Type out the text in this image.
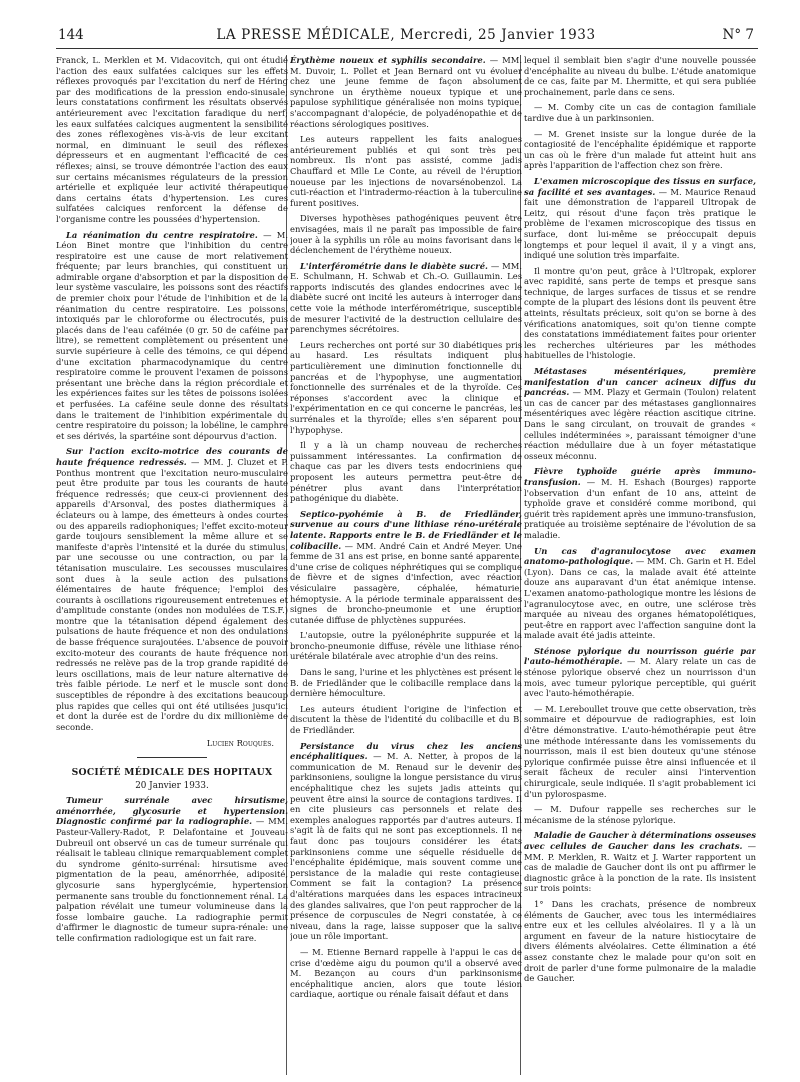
144	LA PRESSE MÉDICALE, Mercredi, 25 Janvier 1933	N° 7

Franck, L. Merklen et M. Vidacovitch, qui ont étudié l'action des eaux sulfatées calciques sur les effets réflexes provoqués par l'excitation du nerf de Héring par des modifications de la pression endo-sinusale; leurs constatations confirment les résultats observés antérieurement avec l'excitation faradique du nerf; les eaux sulfatées calciques augmentent la sensibilité des zones réflexogènes vis-à-vis de leur excitant normal, en diminuant le seuil des réflexes dépresseurs et en augmentant l'efficacité de ces réflexes; ainsi, se trouve démontrée l'action des eaux sur certains mécanismes régulateurs de la pression artérielle et expliquée leur activité thérapeutique dans certains états d'hypertension. Les cures sulfatées calciques renforcent la défense de l'organisme contre les poussées d'hypertension.

La réanimation du centre respiratoire. — M. Léon Binet montre que l'inhibition du centre respiratoire est une cause de mort relativement fréquente; par leurs branchies, qui constituent un admirable organe d'absorption et par la disposition de leur système vasculaire, les poissons sont des réactifs de premier choix pour l'étude de l'inhibition et de la réanimation du centre respiratoire. Les poissons, intoxiqués par le chloroforme ou électrocutés, puis placés dans de l'eau caféinée (0 gr. 50 de caféine par litre), se remettent complètement ou présentent une survie supérieure à celle des témoins, ce qui dépend d'une excitation pharmacodynamique du centre respiratoire comme le prouvent l'examen de poissons présentant une brèche dans la région précordiale et les expériences faites sur les têtes de poissons isolées et perfusées. La caféine seule donne des résultats dans le traitement de l'inhibition expérimentale du centre respiratoire du poisson; la lobéline, le camphre et ses dérivés, la spartéine sont dépourvus d'action.

Sur l'action excito-motrice des courants de haute fréquence redressés. — MM. J. Cluzet et P. Ponthus montrent que l'excitation neuro-musculaire peut être produite par tous les courants de haute fréquence redressés; que ceux-ci proviennent des appareils d'Arsonval, des postes diathermiques à éclateurs ou à lampe, des émetteurs à ondes courtes ou des appareils radiophoniques; l'effet excito-moteur garde toujours sensiblement la même allure et se manifeste d'après l'intensité et la durée du stimulus, par une secousse ou une contraction, ou par la tétanisation musculaire. Les secousses musculaires sont dues à la seule action des pulsations élémentaires de haute fréquence; l'emploi des courants à oscillations rigoureusement entretenues et d'amplitude constante (ondes non modulées de T.S.F.) montre que la tétanisation dépend également des pulsations de haute fréquence et non des ondulations de basse fréquence surajoutées. L'absence de pouvoir excito-moteur des courants de haute fréquence non redressés ne relève pas de la trop grande rapidité de leurs oscillations, mais de leur nature alternative de très faible période. Le nerf et le muscle sont donc susceptibles de répondre à des excitations beaucoup plus rapides que celles qui ont été utilisées jusqu'ici et dont la durée est de l'ordre du dix millionième de seconde.

Lucien Rouquès.
SOCIÉTÉ MÉDICALE DES HOPITAUX
20 Janvier 1933.

Tumeur surrénale avec hirsutisme, aménorrhée, glycosurie et hypertension. Diagnostic confirmé par la radiographie. — MM. Pasteur-Vallery-Radot, P. Delafontaine et Jouveau-Dubreuil ont observé un cas de tumeur surrénale qui réalisait le tableau clinique remarquablement complet du syndrome génito-surrénal: hirsutisme avec pigmentation de la peau, aménorrhée, adiposité, glycosurie sans hyperglycémie, hypertension permanente sans trouble du fonctionnement rénal. La palpation révélait une tumeur volumineuse dans la fosse lombaire gauche. La radiographie permit d'affirmer le diagnostic de tumeur supra-rénale: une telle confirmation radiologique est un fait rare.

Érythème noueux et syphilis secondaire. — MM. M. Duvoir, L. Pollet et Jean Bernard ont vu évoluer chez une jeune femme de façon absolument synchrone un érythème noueux typique et une papulose syphilitique généralisée non moins typique, s'accompagnant d'alopécie, de polyadénopathie et de réactions sérologiques positives.

Les auteurs rappellent les faits analogues antérieurement publiés et qui sont très peu nombreux. Ils n'ont pas assisté, comme jadis Chauffard et Mlle Le Conte, au réveil de l'éruption noueuse par les injections de novarsénobenzol. La cuti-réaction et l'intradermo-réaction à la tuberculine furent positives.

Diverses hypothèses pathogéniques peuvent être envisagées, mais il ne paraît pas impossible de faire jouer à la syphilis un rôle au moins favorisant dans le déclenchement de l'érythème noueux.

L'interférométrie dans le diabète sucré. — MM. E. Schulmann, H. Schwab et Ch.-O. Guillaumin. Les rapports indiscutés des glandes endocrines avec le diabète sucré ont incité les auteurs à interroger dans cette voie la méthode interférométrique, susceptible de mesurer l'activité de la destruction cellulaire des parenchymes sécrétoires.

Leurs recherches ont porté sur 30 diabétiques pris au hasard. Les résultats indiquent plus particulièrement une diminution fonctionnelle du pancréas et de l'hypophyse, une augmentation fonctionnelle des surrénales et de la thyroïde. Ces réponses s'accordent avec la clinique et l'expérimentation en ce qui concerne le pancréas, les surrénales et la thyroïde; elles s'en séparent pour l'hypophyse.

Il y a là un champ nouveau de recherches puissamment intéressantes. La confirmation de chaque cas par les divers tests endocriniens que proposent les auteurs permettra peut-être de pénétrer plus avant dans l'interprétation pathogénique du diabète.

Septico-pyohémie à B. de Friedländer, survenue au cours d'une lithiase réno-urétérale latente. Rapports entre le B. de Friedländer et le colibacille. — MM. André Cain et André Meyer. Une femme de 31 ans est prise, en bonne santé apparente, d'une crise de coliques néphrétiques qui se complique de fièvre et de signes d'infection, avec réaction vésiculaire passagère, céphalée, hématurie, hémoptysie. A la période terminale apparaissent des signes de broncho-pneumonie et une éruption cutanée diffuse de phlyctènes suppurées.

L'autopsie, outre la pyélonéphrite suppurée et la broncho-pneumonie diffuse, révèle une lithiase réno-urétérale bilatérale avec atrophie d'un des reins.

Dans le sang, l'urine et les phlyctènes est présent le B. de Friedländer que le colibacille remplace dans la dernière hémoculture.

Les auteurs étudient l'origine de l'infection et discutent la thèse de l'identité du colibacille et du B. de Friedländer.

Persistance du virus chez les anciens encéphalitiques. — M. A. Netter, à propos de la communication de M. Renaud sur le devenir des parkinsoniens, souligne la longue persistance du virus encéphalitique chez les sujets jadis atteints qui peuvent être ainsi la source de contagions tardives. Il en cite plusieurs cas personnels et relate des exemples analogues rapportés par d'autres auteurs. Il s'agit là de faits qui ne sont pas exceptionnels. Il ne faut donc pas toujours considérer les états parkinsoniens comme une séquelle résiduelle de l'encéphalite épidémique, mais souvent comme une persistance de la maladie qui reste contagieuse. Comment se fait la contagion? La présence d'altérations marquées dans les espaces intracineux des glandes salivaires, que l'on peut rapprocher de la présence de corpuscules de Negri constatée, à ce niveau, dans la rage, laisse supposer que la salive joue un rôle important.

— M. Etienne Bernard rappelle à l'appui le cas de crise d'œdème aigu du poumon qu'il a observé avec M. Bezançon au cours d'un parkinsonisme encéphalitique ancien, alors que toute lésion cardiaque, aortique ou rénale faisait défaut et dans

lequel il semblait bien s'agir d'une nouvelle poussée d'encéphalite au niveau du bulbe. L'étude anatomique de ce cas, faite par M. Lhermitte, et qui sera publiée prochainement, parle dans ce sens.

— M. Comby cite un cas de contagion familiale tardive due à un parkinsonien.

— M. Grenet insiste sur la longue durée de la contagiosité de l'encéphalite épidémique et rapporte un cas où le frère d'un malade fut atteint huit ans après l'apparition de l'affection chez son frère.

L'examen microscopique des tissus en surface, sa facilité et ses avantages. — M. Maurice Renaud fait une démonstration de l'appareil Ultropak de Leitz, qui résout d'une façon très pratique le problème de l'examen microscopique des tissus en surface, dont lui-même se préoccupait depuis longtemps et pour lequel il avait, il y a vingt ans, indiqué une solution très imparfaite.

Il montre qu'on peut, grâce à l'Ultropak, explorer avec rapidité, sans perte de temps et presque sans technique, de larges surfaces de tissus et se rendre compte de la plupart des lésions dont ils peuvent être atteints, résultats précieux, soit qu'on se borne à des vérifications anatomiques, soit qu'on tienne compte des constatations immédiatement faites pour orienter les recherches ultérieures par les méthodes habituelles de l'histologie.

Métastases mésentériques, première manifestation d'un cancer acineux diffus du pancréas. — MM. Plazy et Germain (Toulon) relatent un cas de cancer par des métastases ganglionnaires mésentériques avec légère réaction ascitique citrine. Dans le sang circulant, on trouvait de grandes « cellules indéterminées », paraissant témoigner d'une réaction médullaire due à un foyer métastatique osseux méconnu.

Fièvre typhoïde guérie après immuno-transfusion. — M. H. Eshach (Bourges) rapporte l'observation d'un enfant de 10 ans, atteint de typhoïde grave et considéré comme moribond, qui guérit très rapidement après une immuno-transfusion, pratiquée au troisième septénaire de l'évolution de sa maladie.

Un cas d'agranulocytose avec examen anatomo-pathologique. — MM. Ch. Garin et H. Edel (Lyon). Dans ce cas, la malade avait été atteinte douze ans auparavant d'un état anémique intense. L'examen anatomo-pathologique montre les lésions de l'agranulocytose avec, en outre, une sclérose très marquée au niveau des organes hématopoïétiques, peut-être en rapport avec l'affection sanguine dont la malade avait été jadis atteinte.

Sténose pylorique du nourrisson guérie par l'auto-hémothérapie. — M. Alary relate un cas de sténose pylorique observé chez un nourrisson d'un mois, avec tumeur pylorique perceptible, qui guérit avec l'auto-hémothérapie.

— M. Lereboullet trouve que cette observation, très sommaire et dépourvue de radiographies, est loin d'être démonstrative. L'auto-hémothérapie peut être une méthode intéressante dans les vomissements du nourrisson, mais il est bien douteux qu'une sténose pylorique confirmée puisse être ainsi influencée et il serait fâcheux de reculer ainsi l'intervention chirurgicale, seule indiquée. Il s'agit probablement ici d'un pylorospasme.

— M. Dufour rappelle ses recherches sur le mécanisme de la sténose pylorique.

Maladie de Gaucher à déterminations osseuses avec cellules de Gaucher dans les crachats. — MM. P. Merklen, R. Waitz et J. Warter rapportent un cas de maladie de Gaucher dont ils ont pu affirmer le diagnostic grâce à la ponction de la rate. Ils insistent sur trois points:

1° Dans les crachats, présence de nombreux éléments de Gaucher, avec tous les intermédiaires entre eux et les cellules alvéolaires. Il y a là un argument en faveur de la nature histiocytaire de divers éléments alvéolaires. Cette élimination a été assez constante chez le malade pour qu'on soit en droit de parler d'une forme pulmonaire de la maladie de Gaucher.
